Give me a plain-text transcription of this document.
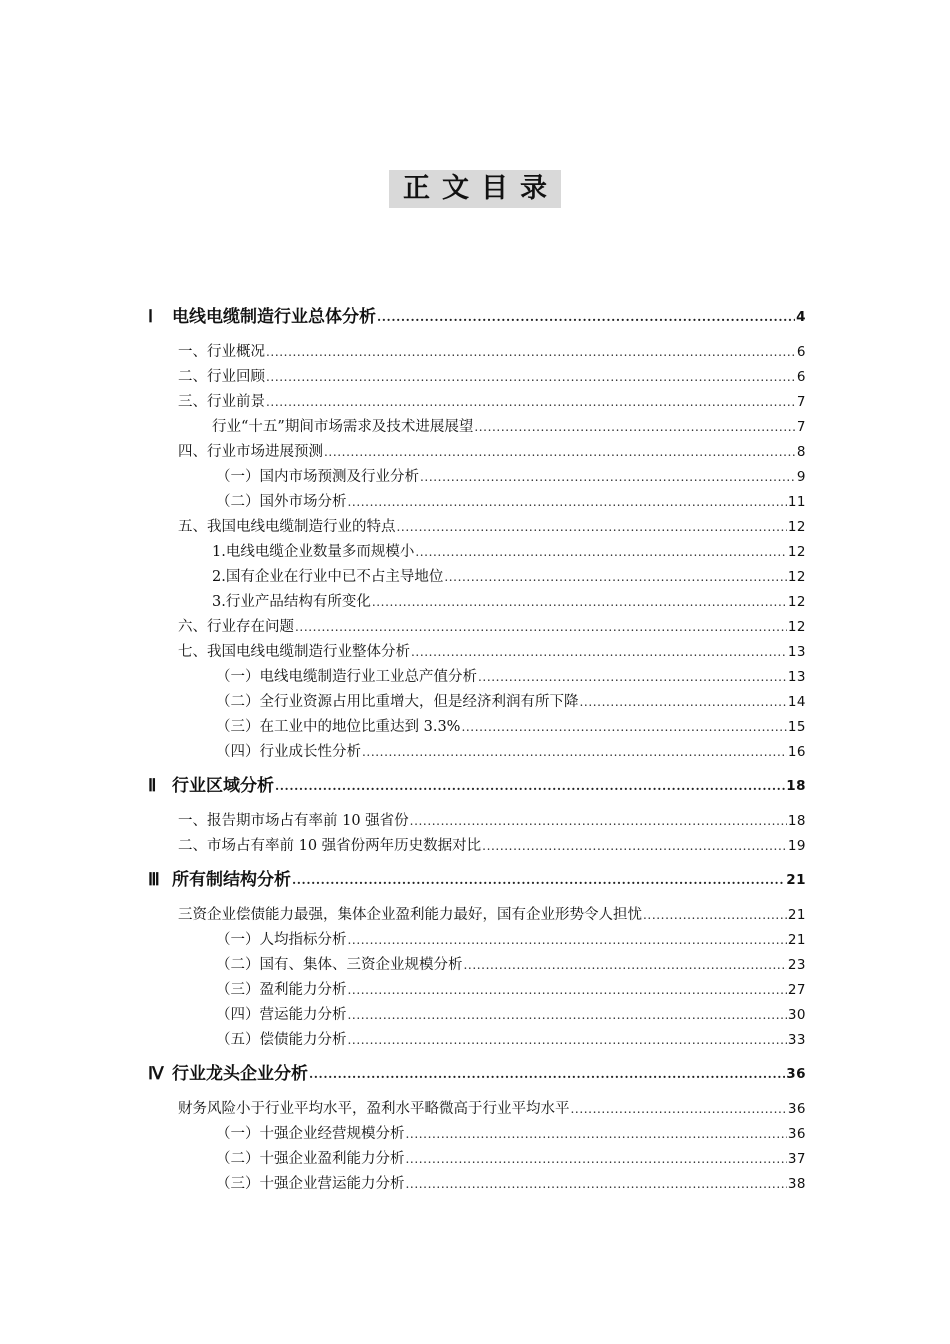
正文目录
Ⅰ 电线电缆制造行业总体分析 .....	4
一、行业概况 .....	6
二、行业回顾 .....	6
三、行业前景 .....	7
行业“十五”期间市场需求及技术进展展望 .....	7
四、行业市场进展预测 .....	8
（一）国内市场预测及行业分析 .....	9
（二）国外市场分析 .....	11
五、我国电线电缆制造行业的特点 .....	12
1.电线电缆企业数量多而规模小 .....	12
2.国有企业在行业中已不占主导地位 .....	12
3.行业产品结构有所变化 .....	12
六、行业存在问题 .....	12
七、我国电线电缆制造行业整体分析 .....	13
（一）电线电缆制造行业工业总产值分析 .....	13
（二）全行业资源占用比重增大，但是经济利润有所下降 .....	14
（三）在工业中的地位比重达到 3.3% .....	15
（四）行业成长性分析 .....	16
Ⅱ 行业区域分析 .....	18
一、报告期市场占有率前 10 强省份 .....	18
二、市场占有率前 10 强省份两年历史数据对比 .....	19
Ⅲ 所有制结构分析 .....	21
三资企业偿债能力最强，集体企业盈利能力最好，国有企业形势令人担忧 .....	21
（一）人均指标分析 .....	21
（二）国有、集体、三资企业规模分析 .....	23
（三）盈利能力分析 .....	27
（四）营运能力分析 .....	30
（五）偿债能力分析 .....	33
Ⅳ 行业龙头企业分析 .....	36
财务风险小于行业平均水平，盈利水平略微高于行业平均水平 .....	36
（一）十强企业经营规模分析 .....	36
（二）十强企业盈利能力分析 .....	37
（三）十强企业营运能力分析 .....	38
